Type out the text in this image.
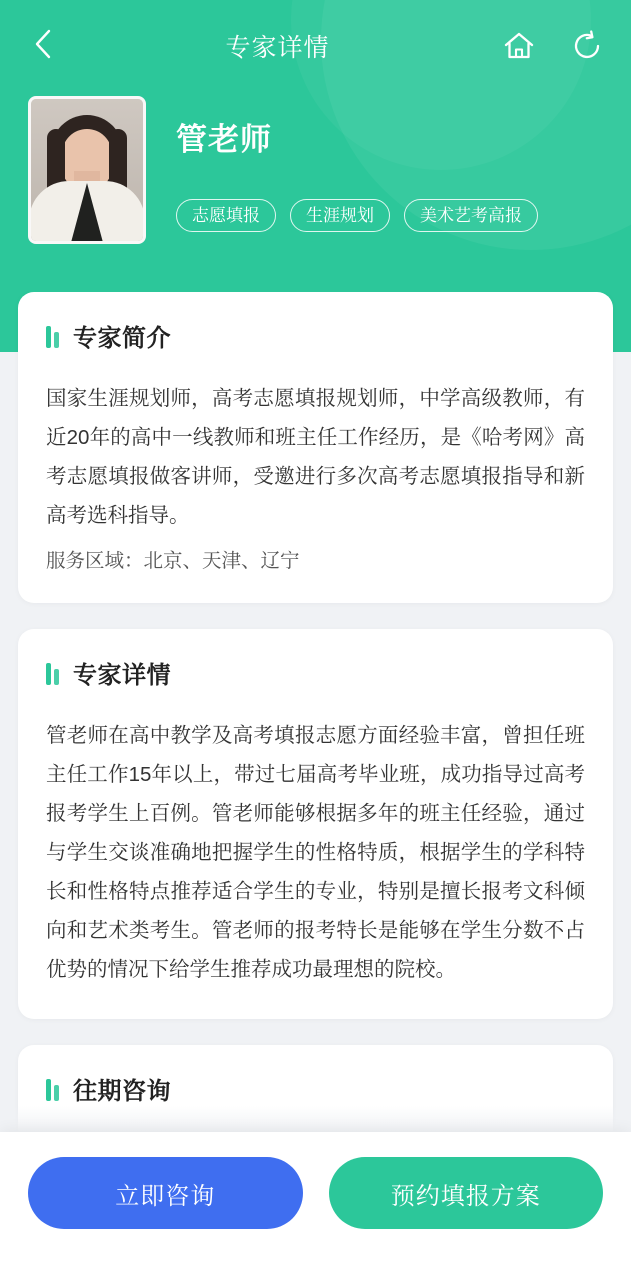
专家详情
管老师
志愿填报	生涯规划	美术艺考高报
专家简介
国家生涯规划师，高考志愿填报规划师，中学高级教师，有近20年的高中一线教师和班主任工作经历，是《哈考网》高考志愿填报做客讲师，受邀进行多次高考志愿填报指导和新高考选科指导。
服务区域：北京、天津、辽宁
专家详情
管老师在高中教学及高考填报志愿方面经验丰富，曾担任班主任工作15年以上，带过七届高考毕业班，成功指导过高考报考学生上百例。管老师能够根据多年的班主任经验，通过与学生交谈准确地把握学生的性格特质，根据学生的学科特长和性格特点推荐适合学生的专业，特别是擅长报考文科倾向和艺术类考生。管老师的报考特长是能够在学生分数不占优势的情况下给学生推荐成功最理想的院校。
往期咨询
立即咨询	预约填报方案
